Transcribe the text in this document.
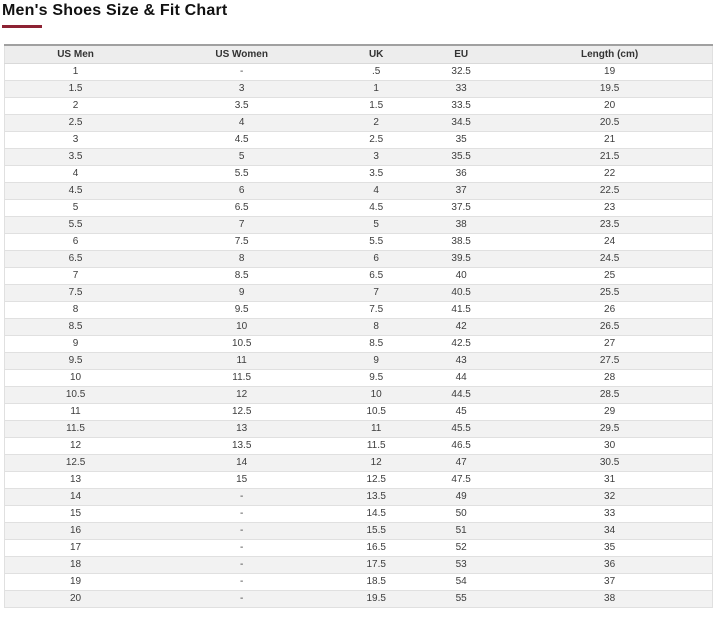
Men's Shoes Size & Fit Chart
US Men	US Women	UK	EU	Length (cm)
1	-	.5	32.5	19
1.5	3	1	33	19.5
2	3.5	1.5	33.5	20
2.5	4	2	34.5	20.5
3	4.5	2.5	35	21
3.5	5	3	35.5	21.5
4	5.5	3.5	36	22
4.5	6	4	37	22.5
5	6.5	4.5	37.5	23
5.5	7	5	38	23.5
6	7.5	5.5	38.5	24
6.5	8	6	39.5	24.5
7	8.5	6.5	40	25
7.5	9	7	40.5	25.5
8	9.5	7.5	41.5	26
8.5	10	8	42	26.5
9	10.5	8.5	42.5	27
9.5	11	9	43	27.5
10	11.5	9.5	44	28
10.5	12	10	44.5	28.5
11	12.5	10.5	45	29
11.5	13	11	45.5	29.5
12	13.5	11.5	46.5	30
12.5	14	12	47	30.5
13	15	12.5	47.5	31
14	-	13.5	49	32
15	-	14.5	50	33
16	-	15.5	51	34
17	-	16.5	52	35
18	-	17.5	53	36
19	-	18.5	54	37
20	-	19.5	55	38
